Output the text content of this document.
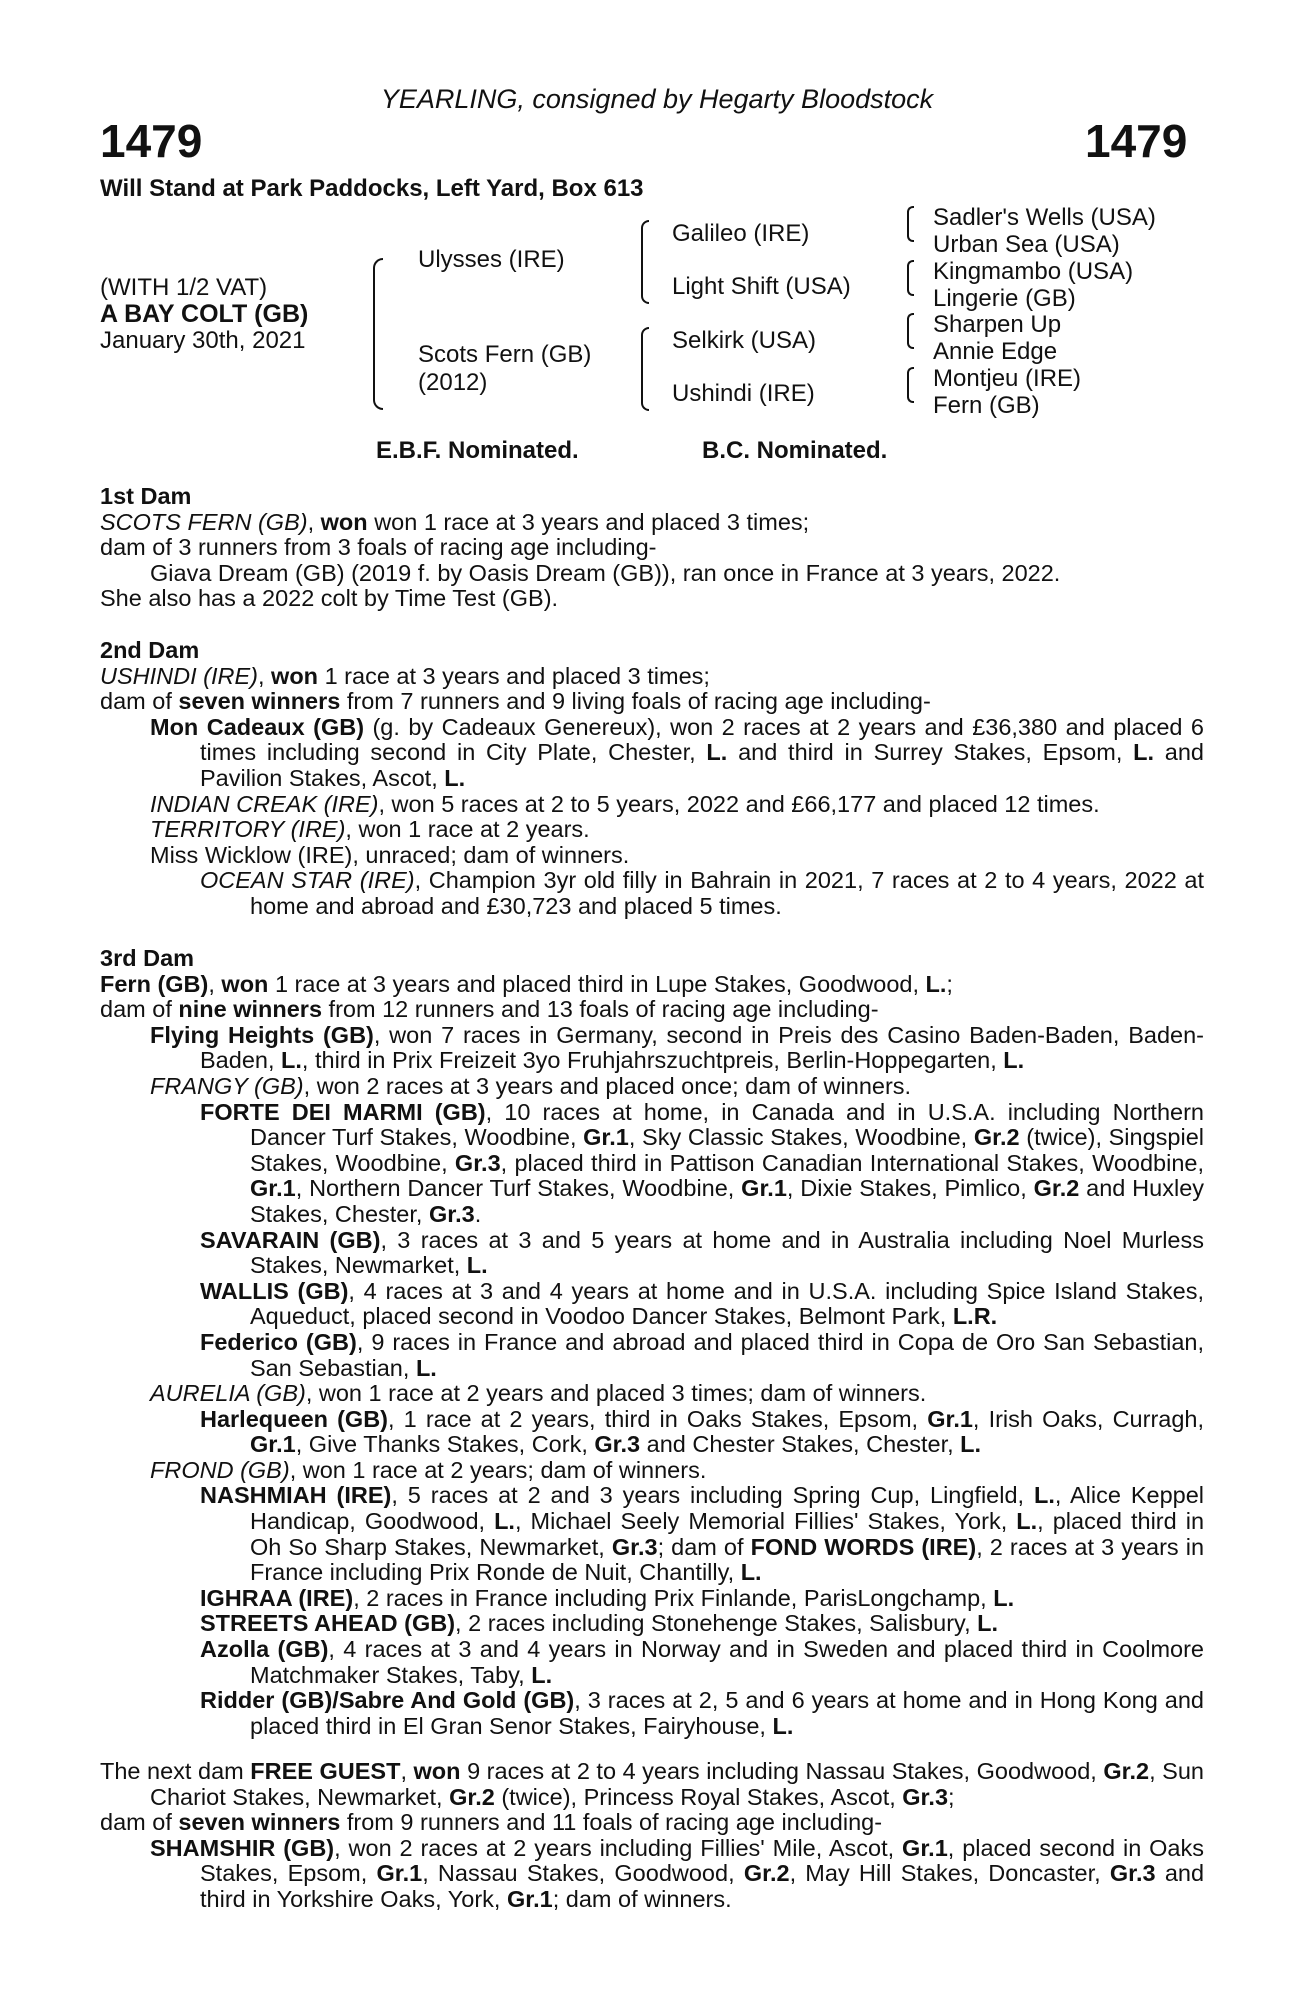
YEARLING, consigned by Hegarty Bloodstock
1479	1479
Will Stand at Park Paddocks, Left Yard, Box 613
(WITH 1/2 VAT)
A BAY COLT (GB)
January 30th, 2021
Ulysses (IRE)
Scots Fern (GB)
(2012)
Galileo (IRE)
Light Shift (USA)
Selkirk (USA)
Ushindi (IRE)
Sadler's Wells (USA)
Urban Sea (USA)
Kingmambo (USA)
Lingerie (GB)
Sharpen Up
Annie Edge
Montjeu (IRE)
Fern (GB)
E.B.F. Nominated.	B.C. Nominated.

1st Dam

SCOTS FERN (GB), won won 1 race at 3 years and placed 3 times;

dam of 3 runners from 3 foals of racing age including-

Giava Dream (GB) (2019 f. by Oasis Dream (GB)), ran once in France at 3 years, 2022.

She also has a 2022 colt by Time Test (GB).

2nd Dam

USHINDI (IRE), won 1 race at 3 years and placed 3 times;

dam of seven winners from 7 runners and 9 living foals of racing age including-

Mon Cadeaux (GB) (g. by Cadeaux Genereux), won 2 races at 2 years and £36,380 and placed 6 times including second in City Plate, Chester, L. and third in Surrey Stakes, Epsom, L. and Pavilion Stakes, Ascot, L.

INDIAN CREAK (IRE), won 5 races at 2 to 5 years, 2022 and £66,177 and placed 12 times.

TERRITORY (IRE), won 1 race at 2 years.

Miss Wicklow (IRE), unraced; dam of winners.

OCEAN STAR (IRE), Champion 3yr old filly in Bahrain in 2021, 7 races at 2 to 4 years, 2022 at home and abroad and £30,723 and placed 5 times.

3rd Dam

Fern (GB), won 1 race at 3 years and placed third in Lupe Stakes, Goodwood, L.;

dam of nine winners from 12 runners and 13 foals of racing age including-

Flying Heights (GB), won 7 races in Germany, second in Preis des Casino Baden-Baden, Baden-Baden, L., third in Prix Freizeit 3yo Fruhjahrszuchtpreis, Berlin-Hoppegarten, L.

FRANGY (GB), won 2 races at 3 years and placed once; dam of winners.

FORTE DEI MARMI (GB), 10 races at home, in Canada and in U.S.A. including Northern Dancer Turf Stakes, Woodbine, Gr.1, Sky Classic Stakes, Woodbine, Gr.2 (twice), Singspiel Stakes, Woodbine, Gr.3, placed third in Pattison Canadian International Stakes, Woodbine, Gr.1, Northern Dancer Turf Stakes, Woodbine, Gr.1, Dixie Stakes, Pimlico, Gr.2 and Huxley Stakes, Chester, Gr.3.

SAVARAIN (GB), 3 races at 3 and 5 years at home and in Australia including Noel Murless Stakes, Newmarket, L.

WALLIS (GB), 4 races at 3 and 4 years at home and in U.S.A. including Spice Island Stakes, Aqueduct, placed second in Voodoo Dancer Stakes, Belmont Park, L.R.

Federico (GB), 9 races in France and abroad and placed third in Copa de Oro San Sebastian, San Sebastian, L.

AURELIA (GB), won 1 race at 2 years and placed 3 times; dam of winners.

Harlequeen (GB), 1 race at 2 years, third in Oaks Stakes, Epsom, Gr.1, Irish Oaks, Curragh, Gr.1, Give Thanks Stakes, Cork, Gr.3 and Chester Stakes, Chester, L.

FROND (GB), won 1 race at 2 years; dam of winners.

NASHMIAH (IRE), 5 races at 2 and 3 years including Spring Cup, Lingfield, L., Alice Keppel Handicap, Goodwood, L., Michael Seely Memorial Fillies' Stakes, York, L., placed third in Oh So Sharp Stakes, Newmarket, Gr.3; dam of FOND WORDS (IRE), 2 races at 3 years in France including Prix Ronde de Nuit, Chantilly, L.

IGHRAA (IRE), 2 races in France including Prix Finlande, ParisLongchamp, L.

STREETS AHEAD (GB), 2 races including Stonehenge Stakes, Salisbury, L.

Azolla (GB), 4 races at 3 and 4 years in Norway and in Sweden and placed third in Coolmore Matchmaker Stakes, Taby, L.

Ridder (GB)/Sabre And Gold (GB), 3 races at 2, 5 and 6 years at home and in Hong Kong and placed third in El Gran Senor Stakes, Fairyhouse, L.

The next dam FREE GUEST, won 9 races at 2 to 4 years including Nassau Stakes, Goodwood, Gr.2, Sun Chariot Stakes, Newmarket, Gr.2 (twice), Princess Royal Stakes, Ascot, Gr.3;

dam of seven winners from 9 runners and 11 foals of racing age including-

SHAMSHIR (GB), won 2 races at 2 years including Fillies' Mile, Ascot, Gr.1, placed second in Oaks Stakes, Epsom, Gr.1, Nassau Stakes, Goodwood, Gr.2, May Hill Stakes, Doncaster, Gr.3 and third in Yorkshire Oaks, York, Gr.1; dam of winners.
